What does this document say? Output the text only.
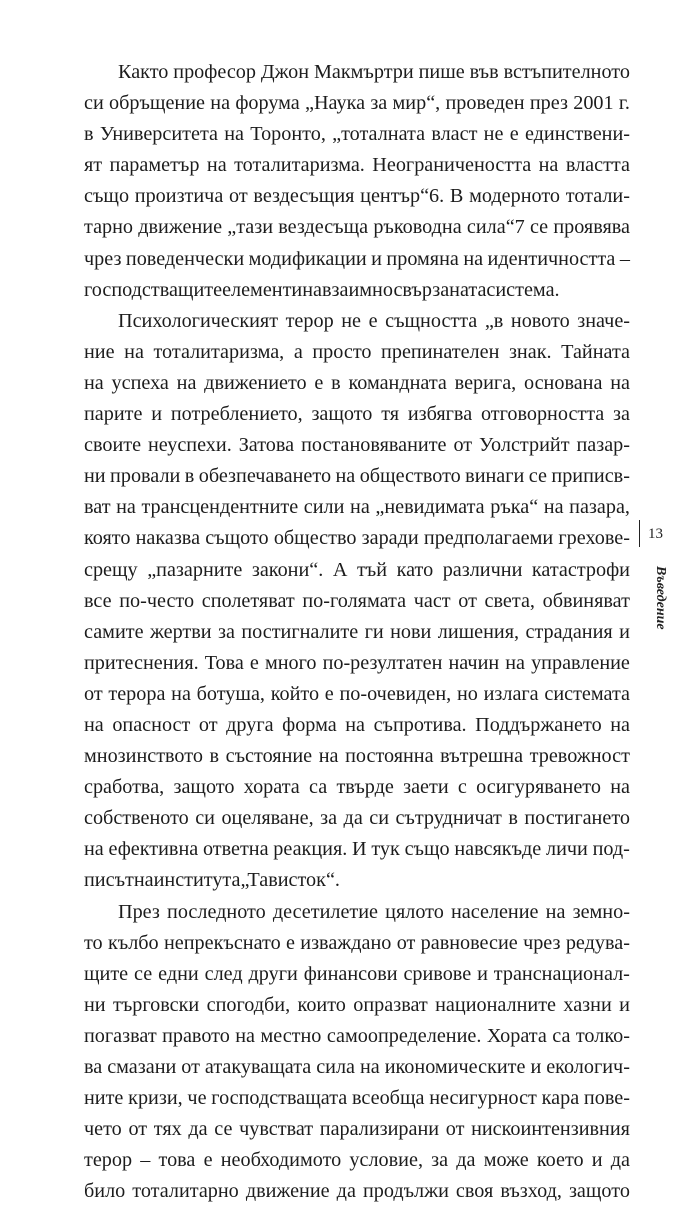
Както професор Джон Макмъртри пише във встъпителното
си обръщение на форума „Наука за мир“, проведен през 2001 г.
в Университета на Торонто, „тоталната власт не е единствени-
ят параметър на тоталитаризма. Неограничеността на властта
също произтича от вездесъщия център“6. В модерното тотали-
тарно движение „тази вездесъща ръководна сила“7 се проявява
чрез поведенчески модификации и промяна на идентичността –
господстващите елементи на взаимносвързаната система.
Психологическият терор не е същността „в новото значе-
ние на тоталитаризма, а просто препинателен знак. Тайната
на успеха на движението е в командната верига, основана на
парите и потреблението, защото тя избягва отговорността за
своите неуспехи. Затова постановяваните от Уолстрийт пазар-
ни провали в обезпечаването на обществото винаги се приписв-
ват на трансцендентните сили на „невидимата ръка“ на пазара,
която наказва същото общество заради предполагаеми грехове-
срещу „пазарните закони“. А тъй като различни катастрофи
все по-често сполетяват по-голямата част от света, обвиняват
самите жертви за постигналите ги нови лишения, страдания и
притеснения. Това е много по-резултатен начин на управление
от терора на ботуша, който е по-очевиден, но излага системата
на опасност от друга форма на съпротива. Поддържането на
мнозинството в състояние на постоянна вътрешна тревожност
сработва, защото хората са твърде заети с осигуряването на
собственото си оцеляване, за да си сътрудничат в постигането
на ефективна ответна реакция. И тук също навсякъде личи под-
писът на института „Тависток“.
През последното десетилетие цялото население на земно-
то кълбо непрекъснато е изваждано от равновесие чрез редува-
щите се едни след други финансови сривове и транснационал-
ни търговски спогодби, които опразват националните хазни и
погазват правото на местно самоопределение. Хората са толко-
ва смазани от атакуващата сила на икономическите и екологич-
ните кризи, че господстващата всеобща несигурност кара пове-
чето от тях да се чувстват парализирани от нискоинтензивния
терор – това е необходимото условие, за да може което и да
било тоталитарно движение да продължи своя възход, защото
13
Въведение
